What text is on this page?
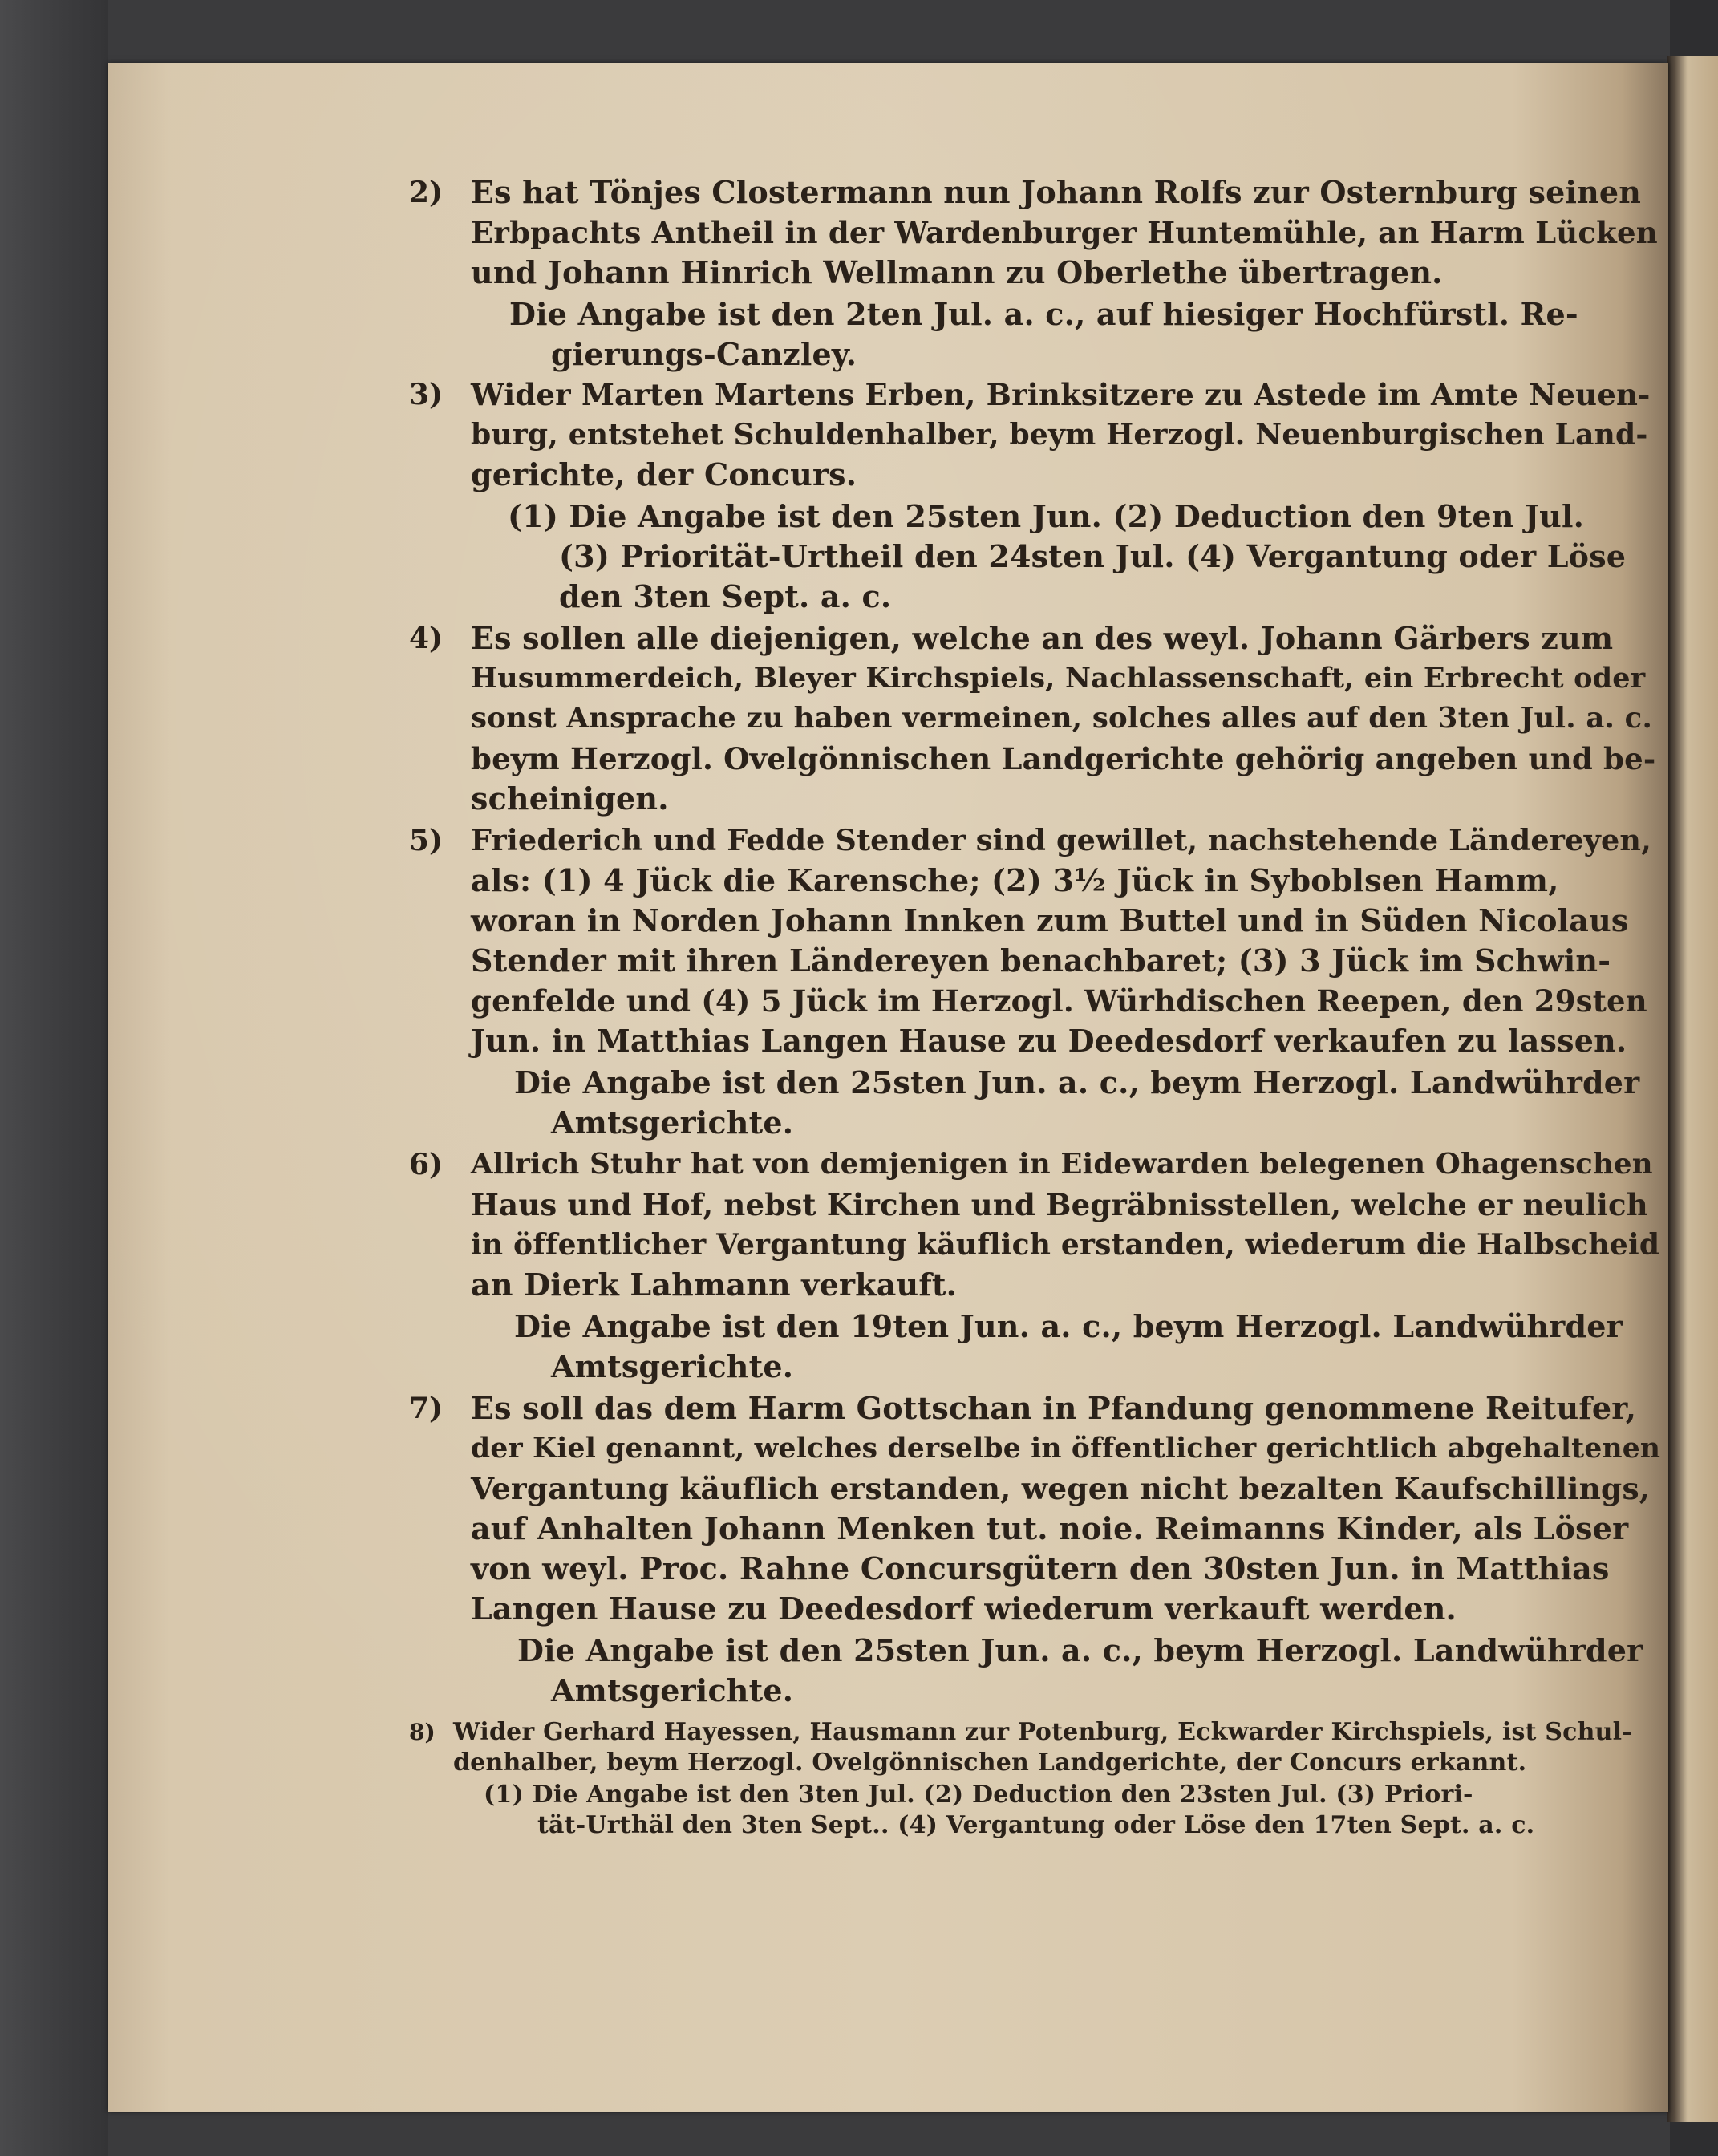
2) Es hat Tönjes Clostermann nun Johann Rolfs zur Osternburg seinen
Erbpachts Antheil in der Wardenburger Huntemühle, an Harm Lücken
und Johann Hinrich Wellmann zu Oberlethe übertragen.
Die Angabe ist den 2ten Jul. a. c., auf hiesiger Hochfürstl. Re-
gierungs-Canzley.
3) Wider Marten Martens Erben, Brinksitzere zu Astede im Amte Neuen-
burg, entstehet Schuldenhalber, beym Herzogl. Neuenburgischen Land-
gerichte, der Concurs.
(1) Die Angabe ist den 25sten Jun. (2) Deduction den 9ten Jul.
(3) Priorität-Urtheil den 24sten Jul. (4) Vergantung oder Löse
den 3ten Sept. a. c.
4) Es sollen alle diejenigen, welche an des weyl. Johann Gärbers zum
Husummerdeich, Bleyer Kirchspiels, Nachlassenschaft, ein Erbrecht oder
sonst Ansprache zu haben vermeinen, solches alles auf den 3ten Jul. a. c.
beym Herzogl. Ovelgönnischen Landgerichte gehörig angeben und be-
scheinigen.
5) Friederich und Fedde Stender sind gewillet, nachstehende Ländereyen,
als: (1) 4 Jück die Karensche; (2) 3½ Jück in Syboblsen Hamm,
woran in Norden Johann Innken zum Buttel und in Süden Nicolaus
Stender mit ihren Ländereyen benachbaret; (3) 3 Jück im Schwin-
genfelde und (4) 5 Jück im Herzogl. Würhdischen Reepen, den 29sten
Jun. in Matthias Langen Hause zu Deedesdorf verkaufen zu lassen.
Die Angabe ist den 25sten Jun. a. c., beym Herzogl. Landwührder
Amtsgerichte.
6) Allrich Stuhr hat von demjenigen in Eidewarden belegenen Ohagenschen
Haus und Hof, nebst Kirchen und Begräbnisstellen, welche er neulich
in öffentlicher Vergantung käuflich erstanden, wiederum die Halbscheid
an Dierk Lahmann verkauft.
Die Angabe ist den 19ten Jun. a. c., beym Herzogl. Landwührder
Amtsgerichte.
7) Es soll das dem Harm Gottschan in Pfandung genommene Reitufer,
der Kiel genannt, welches derselbe in öffentlicher gerichtlich abgehaltenen
Vergantung käuflich erstanden, wegen nicht bezalten Kaufschillings,
auf Anhalten Johann Menken tut. noie. Reimanns Kinder, als Löser
von weyl. Proc. Rahne Concursgütern den 30sten Jun. in Matthias
Langen Hause zu Deedesdorf wiederum verkauft werden.
Die Angabe ist den 25sten Jun. a. c., beym Herzogl. Landwührder
Amtsgerichte.
8) Wider Gerhard Hayessen, Hausmann zur Potenburg, Eckwarder Kirchspiels, ist Schul-
denhalber, beym Herzogl. Ovelgönnischen Landgerichte, der Concurs erkannt.
(1) Die Angabe ist den 3ten Jul. (2) Deduction den 23sten Jul. (3) Priori-
tät-Urthäl den 3ten Sept.. (4) Vergantung oder Löse den 17ten Sept. a. c.
